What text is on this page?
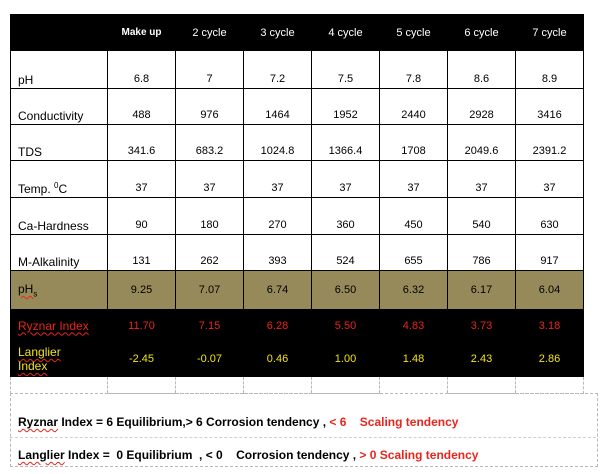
	Make up	2 cycle	3 cycle	4 cycle	5 cycle	6 cycle	7 cycle
pH	6.8	7	7.2	7.5	7.8	8.6	8.9
Conductivity	488	976	1464	1952	2440	2928	3416
TDS	341.6	683.2	1024.8	1366.4	1708	2049.6	2391.2
Temp. $^0$C	37	37	37	37	37	37	37
Ca-Hardness	90	180	270	360	450	540	630
M-Alkalinity	131	262	393	524	655	786	917
$pH_s$	9.25	7.07	6.74	6.50	6.32	6.17	6.04
Ryznar Index	11.70	7.15	6.28	5.50	4.83	3.73	3.18
Langlier Index	-2.45	-0.07	0.46	1.00	1.48	2.43	2.86

Ryznar Index = 6 Equilibrium,> 6 Corrosion tendency , < 6    Scaling tendency
Langlier Index =  0 Equilibrium  , < 0    Corrosion tendency , > 0 Scaling tendency
